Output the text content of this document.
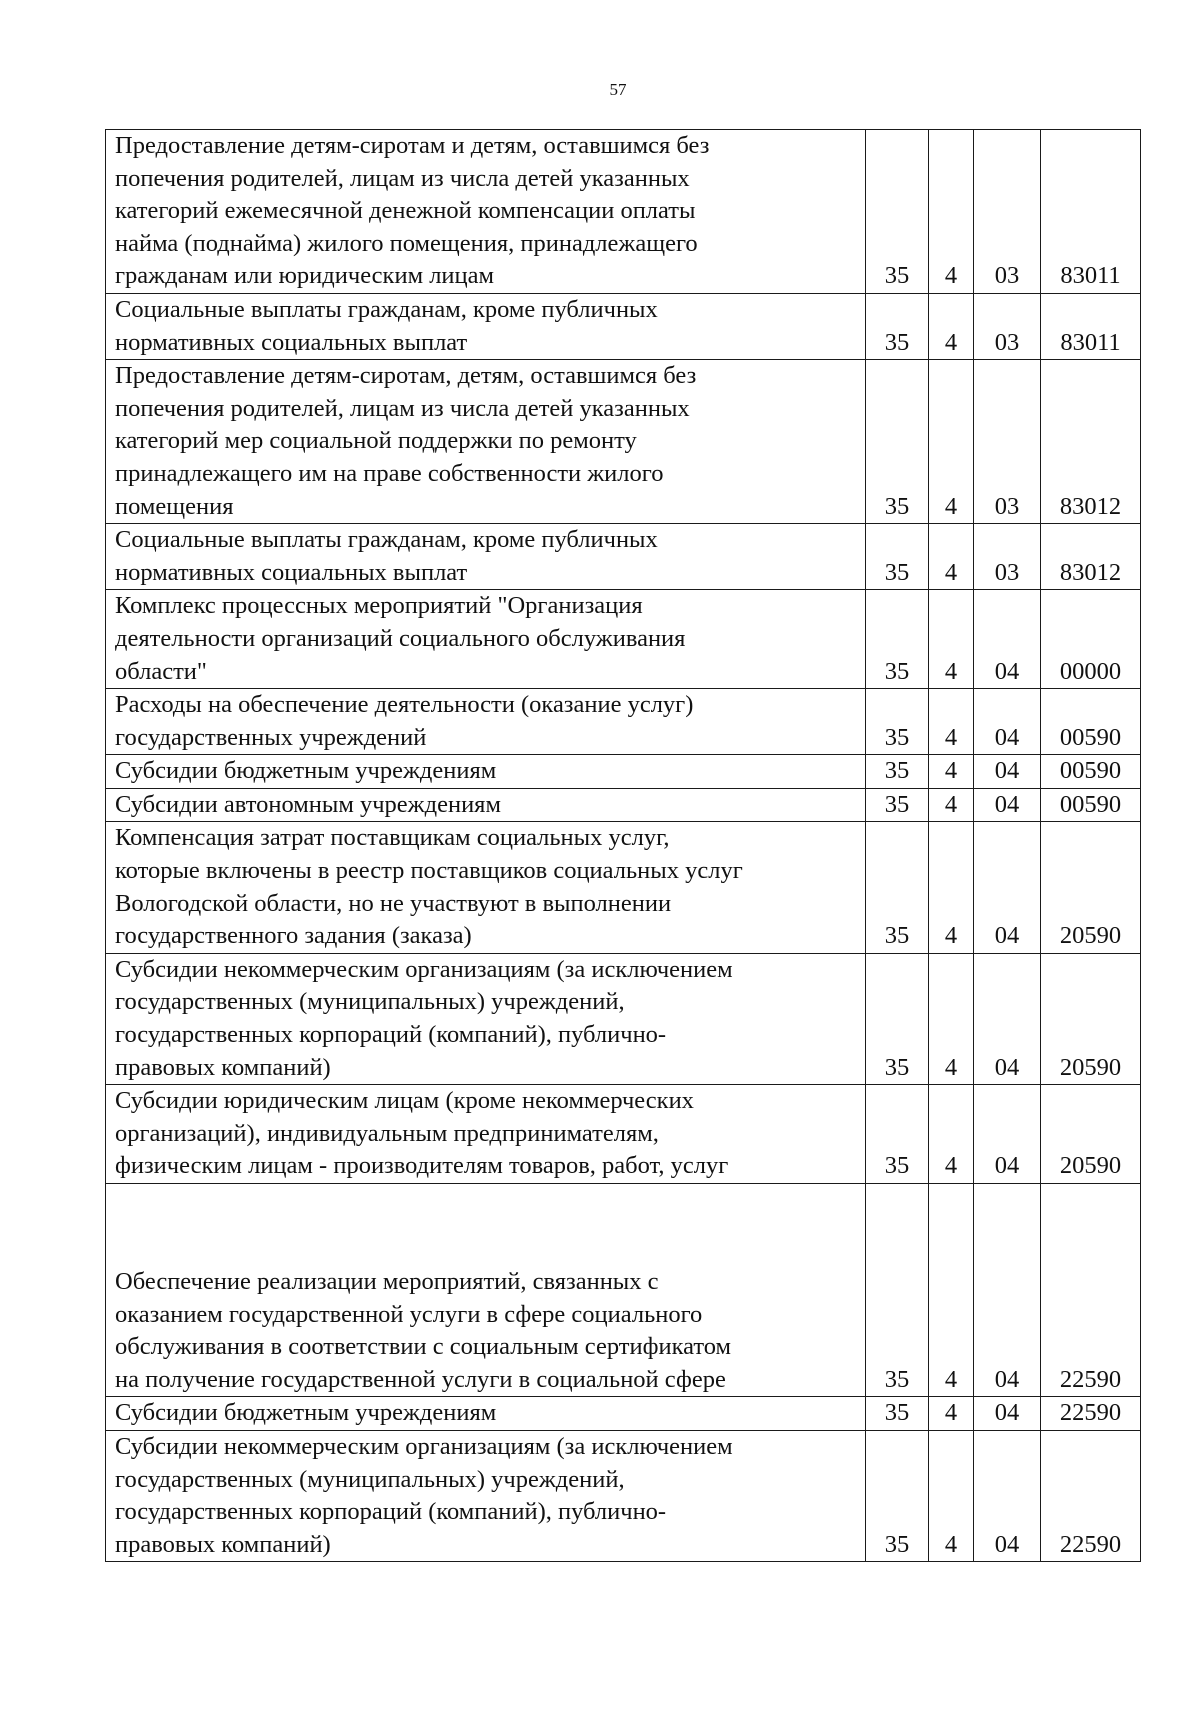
57
Предоставление детям-сиротам и детям, оставшимся без
попечения родителей, лицам из числа детей указанных
категорий ежемесячной денежной компенсации оплаты
найма (поднайма) жилого помещения, принадлежащего
гражданам или юридическим лицам	35	4	03	83011
Социальные выплаты гражданам, кроме публичных
нормативных социальных выплат	35	4	03	83011
Предоставление детям-сиротам, детям, оставшимся без
попечения родителей, лицам из числа детей указанных
категорий мер социальной поддержки по ремонту
принадлежащего им на праве собственности жилого
помещения	35	4	03	83012
Социальные выплаты гражданам, кроме публичных
нормативных социальных выплат	35	4	03	83012
Комплекс процессных мероприятий "Организация
деятельности организаций социального обслуживания
области"	35	4	04	00000
Расходы на обеспечение деятельности (оказание услуг)
государственных учреждений	35	4	04	00590
Субсидии бюджетным учреждениям	35	4	04	00590
Субсидии автономным учреждениям	35	4	04	00590
Компенсация затрат поставщикам социальных услуг,
которые включены в реестр поставщиков социальных услуг
Вологодской области, но не участвуют в выполнении
государственного задания (заказа)	35	4	04	20590
Субсидии некоммерческим организациям (за исключением
государственных (муниципальных) учреждений,
государственных корпораций (компаний), публично-
правовых компаний)	35	4	04	20590
Субсидии юридическим лицам (кроме некоммерческих
организаций), индивидуальным предпринимателям,
физическим лицам - производителям товаров, работ, услуг	35	4	04	20590

Обеспечение реализации мероприятий, связанных с
оказанием государственной услуги в сфере социального
обслуживания в соответствии с социальным сертификатом
на получение государственной услуги в социальной сфере	35	4	04	22590
Субсидии бюджетным учреждениям	35	4	04	22590
Субсидии некоммерческим организациям (за исключением
государственных (муниципальных) учреждений,
государственных корпораций (компаний), публично-
правовых компаний)	35	4	04	22590
